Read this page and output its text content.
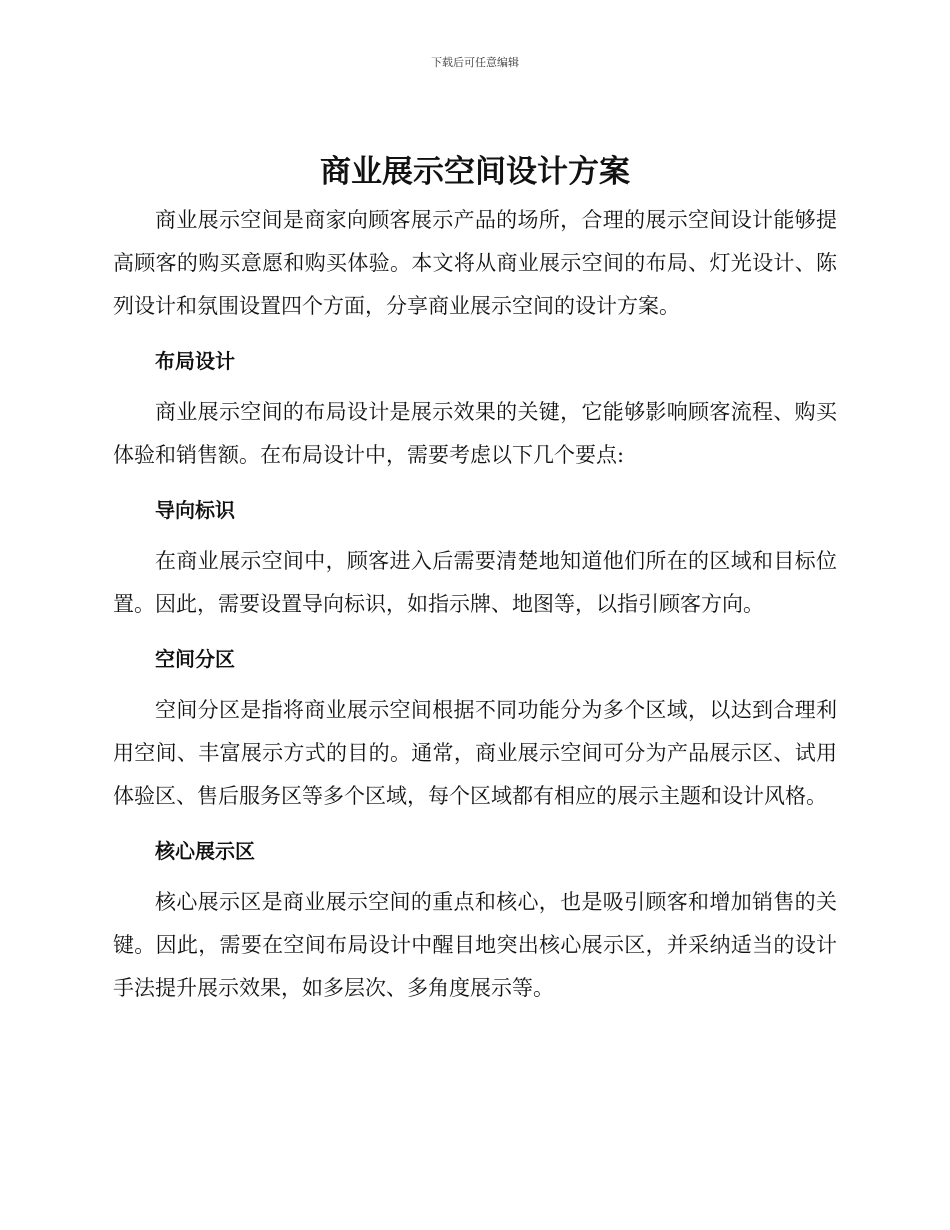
下载后可任意编辑
商业展示空间设计方案

商业展示空间是商家向顾客展示产品的场所，合理的展示空间设计能够提高顾客的购买意愿和购买体验。本文将从商业展示空间的布局、灯光设计、陈列设计和氛围设置四个方面，分享商业展示空间的设计方案。

布局设计

商业展示空间的布局设计是展示效果的关键，它能够影响顾客流程、购买体验和销售额。在布局设计中，需要考虑以下几个要点:

导向标识

在商业展示空间中，顾客进入后需要清楚地知道他们所在的区域和目标位置。因此，需要设置导向标识，如指示牌、地图等，以指引顾客方向。

空间分区

空间分区是指将商业展示空间根据不同功能分为多个区域，以达到合理利用空间、丰富展示方式的目的。通常，商业展示空间可分为产品展示区、试用体验区、售后服务区等多个区域，每个区域都有相应的展示主题和设计风格。

核心展示区

核心展示区是商业展示空间的重点和核心，也是吸引顾客和增加销售的关键。因此，需要在空间布局设计中醒目地突出核心展示区，并采纳适当的设计手法提升展示效果，如多层次、多角度展示等。
